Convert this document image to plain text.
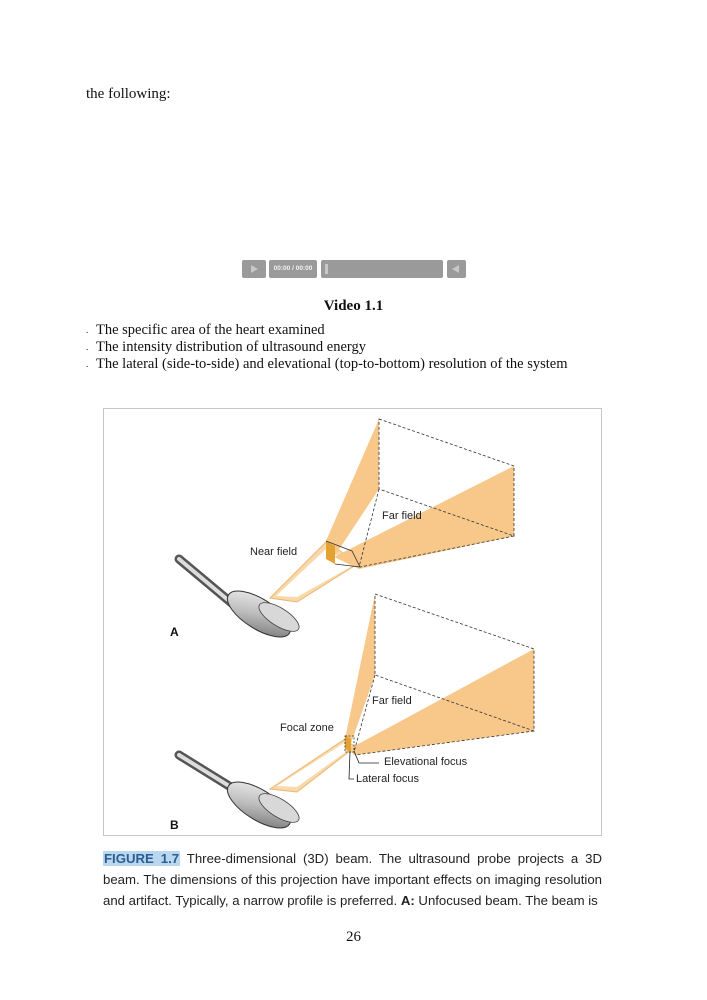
the following:
00:00 / 00:00
Video 1.1
. The specific area of the heart examined
. The intensity distribution of ultrasound energy
. The lateral (side-to-side) and elevational (top-to-bottom) resolution of the system
Far field
Near field
A
Far field
Focal zone
Elevational focus
Lateral focus
B
FIGURE 1.7 Three-dimensional (3D) beam. The ultrasound probe projects a 3D beam. The dimensions of this projection have important effects on imaging resolution and artifact. Typically, a narrow profile is preferred. A: Unfocused beam. The beam is
26
